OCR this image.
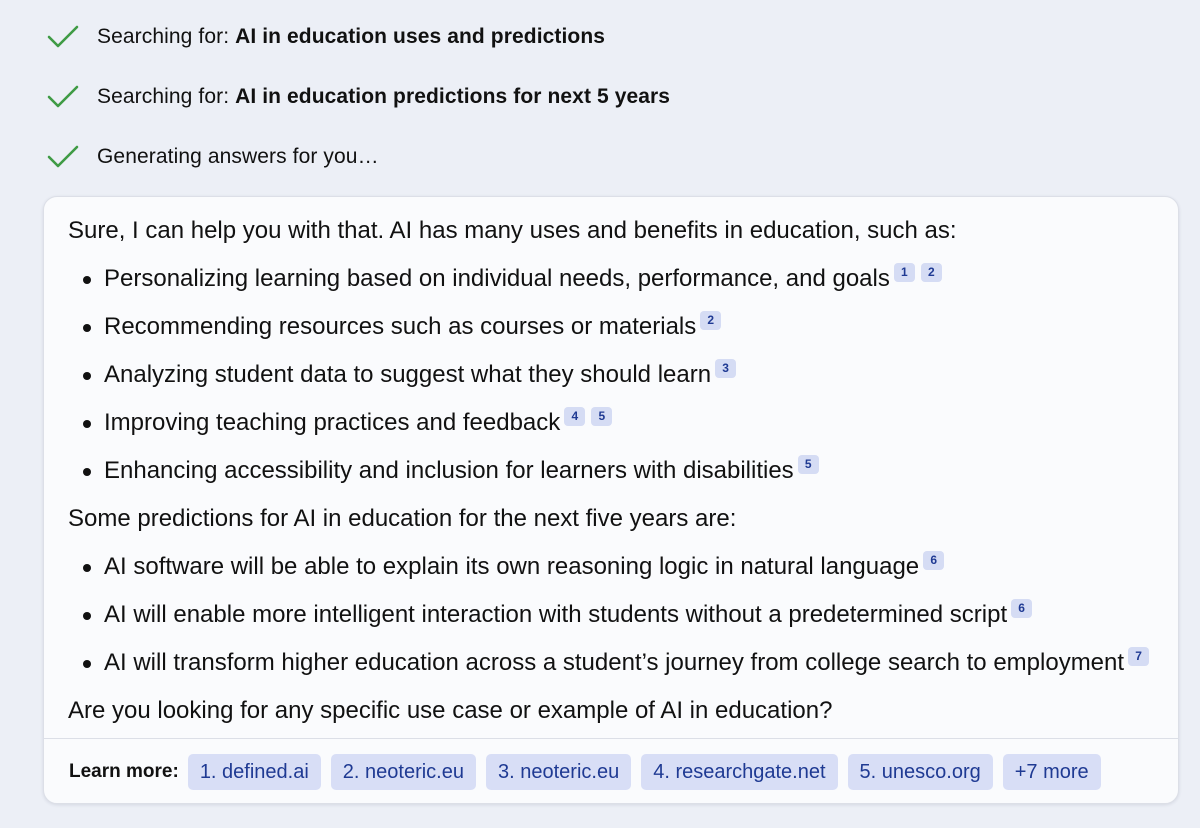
Searching for: AI in education uses and predictions
Searching for: AI in education predictions for next 5 years
Generating answers for you…
Sure, I can help you with that. AI has many uses and benefits in education, such as:
Personalizing learning based on individual needs, performance, and goals 1 2
Recommending resources such as courses or materials 2
Analyzing student data to suggest what they should learn 3
Improving teaching practices and feedback 4 5
Enhancing accessibility and inclusion for learners with disabilities 5
Some predictions for AI in education for the next five years are:
AI software will be able to explain its own reasoning logic in natural language 6
AI will enable more intelligent interaction with students without a predetermined script 6
AI will transform higher education across a student’s journey from college search to employment 7
Are you looking for any specific use case or example of AI in education?
Learn more:	1. defined.ai	2. neoteric.eu	3. neoteric.eu	4. researchgate.net	5. unesco.org	+7 more
